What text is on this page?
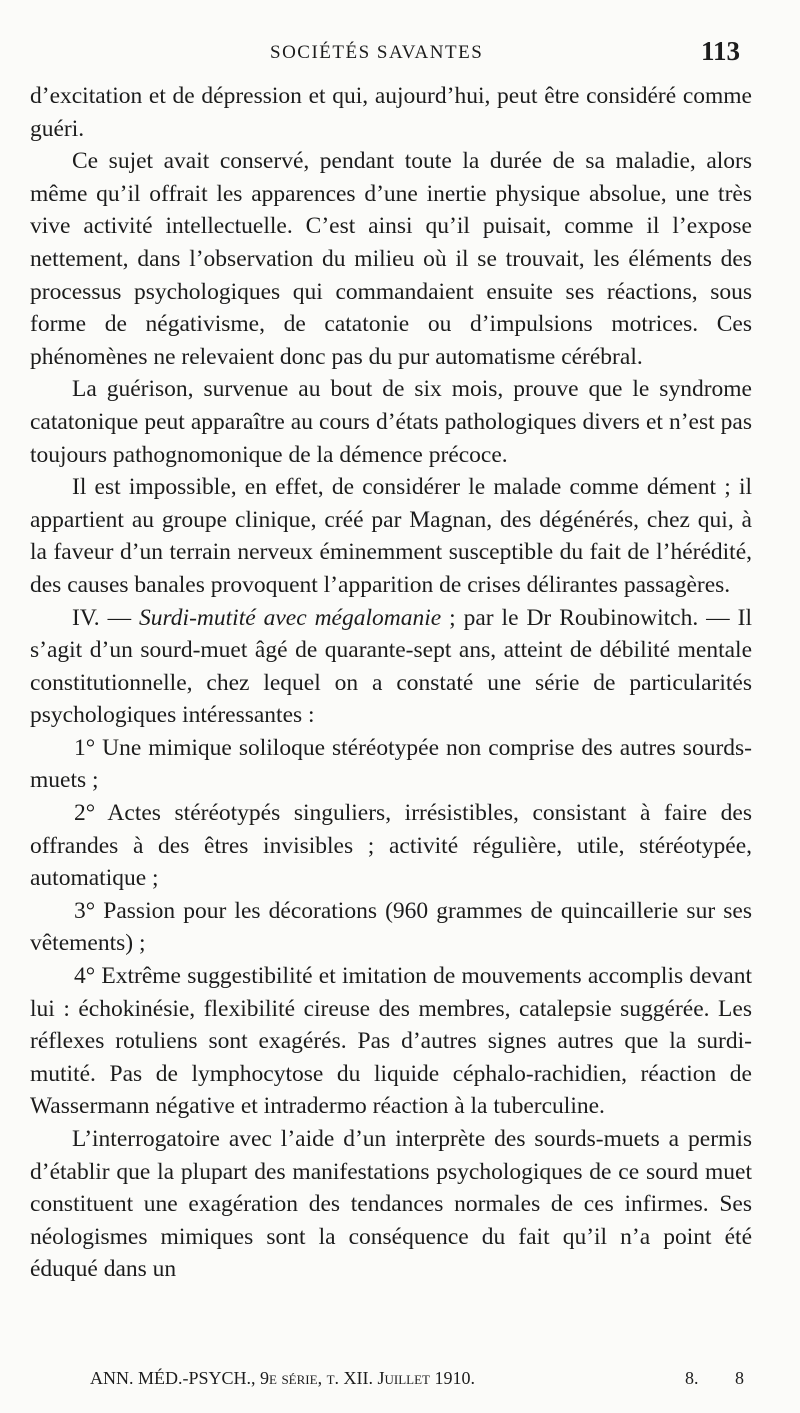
SOCIÉTÉS SAVANTES	113

d’excitation et de dépression et qui, aujourd’hui, peut être considéré comme guéri.

Ce sujet avait conservé, pendant toute la durée de sa maladie, alors même qu’il offrait les apparences d’une inertie physique absolue, une très vive activité intellectuelle. C’est ainsi qu’il puisait, comme il l’expose nettement, dans l’observation du milieu où il se trouvait, les éléments des processus psychologiques qui commandaient ensuite ses réactions, sous forme de négativisme, de catatonie ou d’impulsions motrices. Ces phénomènes ne relevaient donc pas du pur automatisme cérébral.

La guérison, survenue au bout de six mois, prouve que le syndrome catatonique peut apparaître au cours d’états pathologiques divers et n’est pas toujours pathognomonique de la démence précoce.

Il est impossible, en effet, de considérer le malade comme dément ; il appartient au groupe clinique, créé par Magnan, des dégénérés, chez qui, à la faveur d’un terrain nerveux éminemment susceptible du fait de l’hérédité, des causes banales provoquent l’apparition de crises délirantes passagères.

IV. — Surdi-mutité avec mégalomanie ; par le Dr Roubinowitch. — Il s’agit d’un sourd-muet âgé de quarante-sept ans, atteint de débilité mentale constitutionnelle, chez lequel on a constaté une série de particularités psychologiques intéressantes :

1° Une mimique soliloque stéréotypée non comprise des autres sourds-muets ;

2° Actes stéréotypés singuliers, irrésistibles, consistant à faire des offrandes à des êtres invisibles ; activité régulière, utile, stéréotypée, automatique ;

3° Passion pour les décorations (960 grammes de quincaillerie sur ses vêtements) ;

4° Extrême suggestibilité et imitation de mouvements accomplis devant lui : échokinésie, flexibilité cireuse des membres, catalepsie suggérée. Les réflexes rotuliens sont exagérés. Pas d’autres signes autres que la surdi-mutité. Pas de lymphocytose du liquide céphalo-rachidien, réaction de Wassermann négative et intradermo réaction à la tuberculine.

L’interrogatoire avec l’aide d’un interprète des sourds-muets a permis d’établir que la plupart des manifestations psychologiques de ce sourd muet constituent une exagération des tendances normales de ces infirmes. Ses néologismes mimiques sont la conséquence du fait qu’il n’a point été éduqué dans un

ANN. MÉD.-PSYCH., 9e série, t. XII. Juillet 1910.	8. 8
